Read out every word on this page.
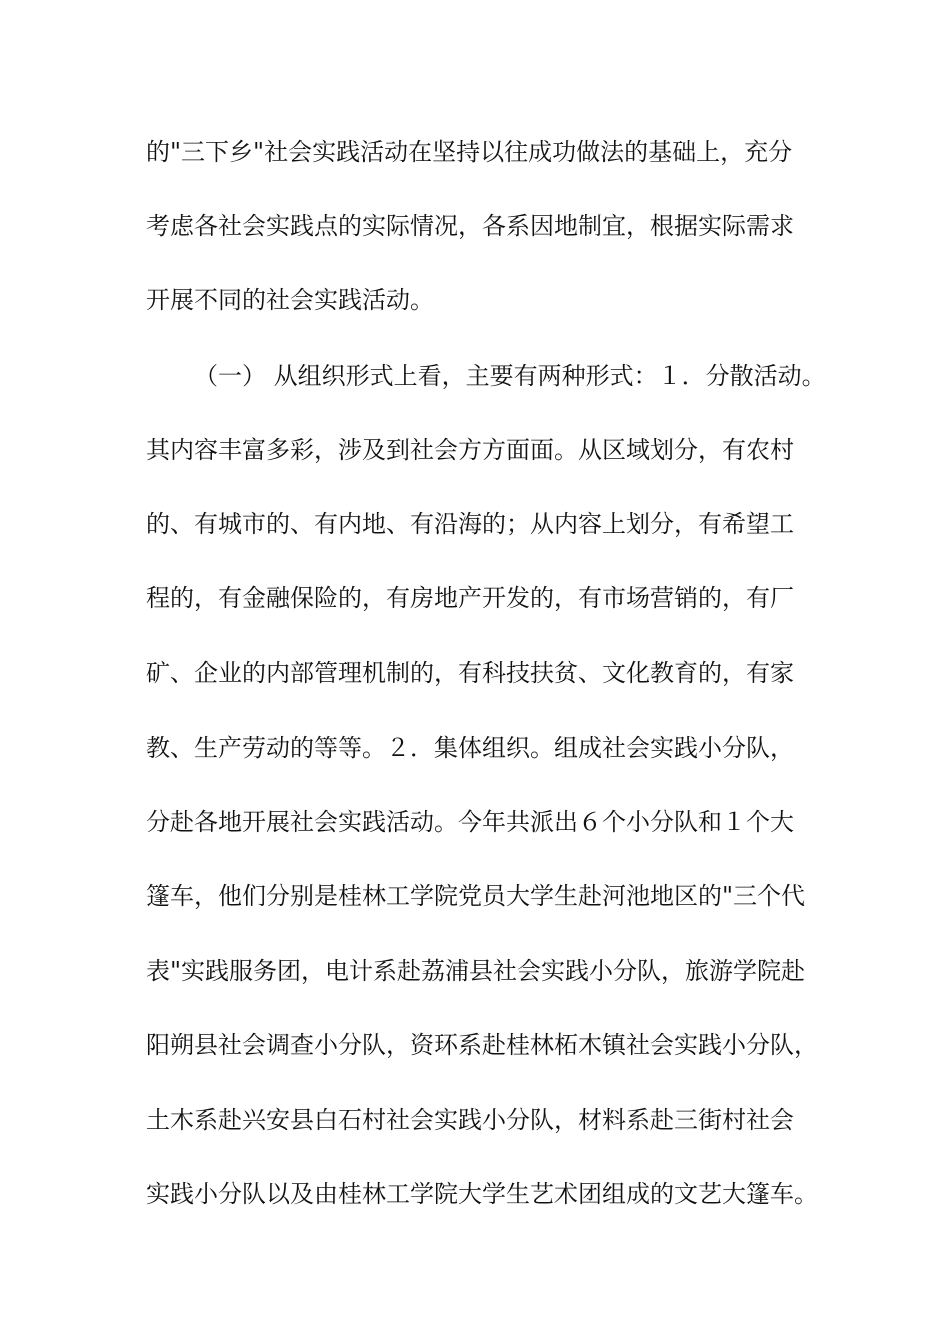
的"三下乡"社会实践活动在坚持以往成功做法的基础上，充分
考虑各社会实践点的实际情况，各系因地制宜，根据实际需求
开展不同的社会实践活动。
（一） 从组织形式上看，主要有两种形式：１．分散活动。
其内容丰富多彩，涉及到社会方方面面。从区域划分，有农村
的、有城市的、有内地、有沿海的；从内容上划分，有希望工
程的，有金融保险的，有房地产开发的，有市场营销的，有厂
矿、企业的内部管理机制的，有科技扶贫、文化教育的，有家
教、生产劳动的等等。２．集体组织。组成社会实践小分队，
分赴各地开展社会实践活动。今年共派出６个小分队和１个大
篷车，他们分别是桂林工学院党员大学生赴河池地区的"三个代
表"实践服务团，电计系赴荔浦县社会实践小分队，旅游学院赴
阳朔县社会调查小分队，资环系赴桂林柘木镇社会实践小分队，
土木系赴兴安县白石村社会实践小分队，材料系赴三街村社会
实践小分队以及由桂林工学院大学生艺术团组成的文艺大篷车。
